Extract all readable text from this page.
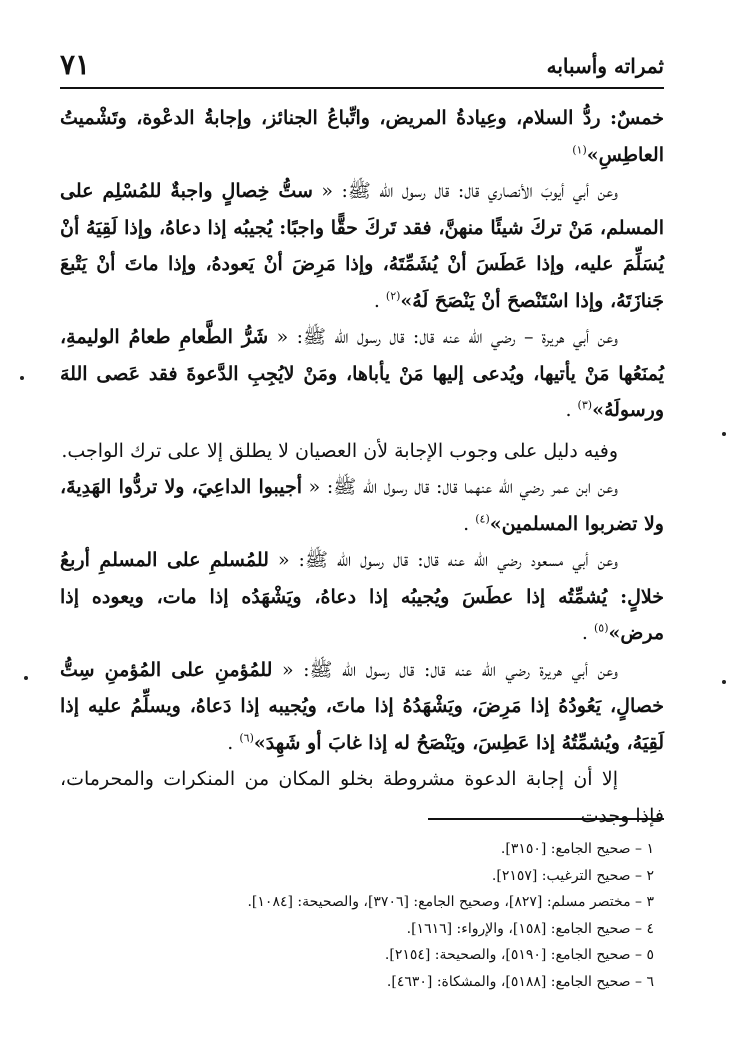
ثمراته وأسبابه
٧١

خمسٌ: ردُّ السلام، وعِيادةُ المريض، واتِّباعُ الجنائز، وإجابةُ الدعْوة، وتَشْميتُ العاطِسِ»$^{(١)}$

وعن أبي أيوبَ الأنصاري قال: قال رسول الله ﷺ: « ستُّ خِصالٍ واجبةٌ للمُسْلِم على المسلم، مَنْ تركَ شيئًا منهنَّ، فقد تَركَ حقًّا واجبًا: يُجيبُه إذا دعاهُ، وإذا لَقِيَهُ أنْ يُسَلِّمَ عليه، وإذا عَطَسَ أنْ يُشَمِّتَهُ، وإذا مَرِضَ أنْ يَعودهُ، وإذا ماتَ أنْ يَتْبعَ جَنازَتَهُ، وإذا اسْتَنْصحَ أنْ يَنْصَحَ لَهُ»$^{(٢)}$ .

وعن أبي هريرة – رضي الله عنه قال: قال رسول الله ﷺ: « شَرُّ الطَّعامِ طعامُ الوليمةِ، يُمنَعُها مَنْ يأتيها، ويُدعى إليها مَنْ يأباها، ومَنْ لايُجِبِ الدَّعوةَ فقد عَصى اللهَ ورسولَهُ»$^{(٣)}$ .

وفيه دليل على وجوب الإجابة لأن العصيان لا يطلق إلا على ترك الواجب.

وعن ابن عمر رضي الله عنهما قال: قال رسول الله ﷺ: « أجيبوا الداعِيَ، ولا تردُّوا الهَدِيةَ، ولا تضربوا المسلمين»$^{(٤)}$ .

وعن أبي مسعود رضي الله عنه قال: قال رسول الله ﷺ: « للمُسلمِ على المسلمِ أربعُ خلالٍ: يُشمِّتُه إذا عطَسَ ويُجيبُه إذا دعاهُ، ويَشْهَدُه إذا مات، ويعوده إذا مرض»$^{(٥)}$ .

وعن أبي هريرة رضي الله عنه قال: قال رسول الله ﷺ: « للمُؤمنِ على المُؤمنِ سِتُّ خصالٍ، يَعُودُهُ إذا مَرِضَ، ويَشْهَدُهُ إذا ماتَ، ويُجيبه إذا دَعاهُ، ويسلِّمُ عليه إذا لَقِيَهُ، ويُشمِّتُهُ إذا عَطِسَ، ويَنْصَحُ له إذا غابَ أو شَهِدَ»$^{(٦)}$ .

إلا أن إجابة الدعوة مشروطة بخلو المكان من المنكرات والمحرمات، فإذا وجدت

١ – صحيح الجامع: [٣١٥٠].
٢ – صحيح الترغيب: [٢١٥٧].
٣ – مختصر مسلم: [٨٢٧]، وصحيح الجامع: [٣٧٠٦]، والصحيحة: [١٠٨٤].
٤ – صحيح الجامع: [١٥٨]، والإرواء: [١٦١٦].
٥ – صحيح الجامع: [٥١٩٠]، والصحيحة: [٢١٥٤].
٦ – صحيح الجامع: [٥١٨٨]، والمشكاة: [٤٦٣٠].
